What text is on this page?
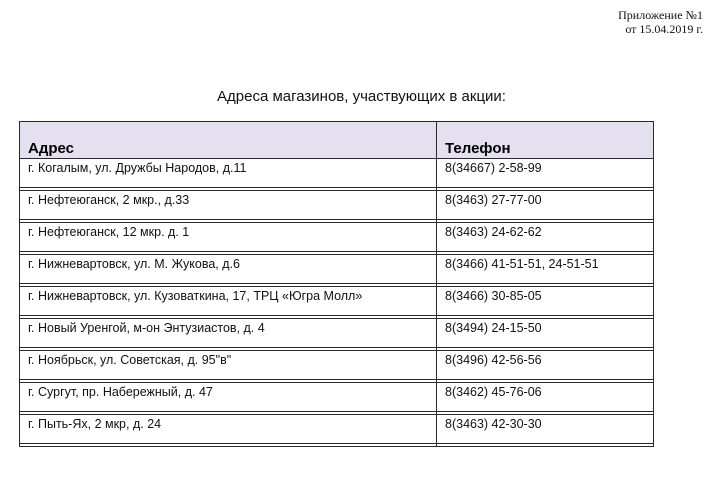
Приложение №1
от 15.04.2019 г.
Адреса магазинов, участвующих в акции:
Адрес	Телефон
г. Когалым, ул. Дружбы Народов, д.11	8(34667) 2-58-99
г. Нефтеюганск, 2 мкр., д.33	8(3463) 27-77-00
г. Нефтеюганск, 12 мкр. д. 1	8(3463) 24-62-62
г. Нижневартовск, ул. М. Жукова, д.6	8(3466) 41-51-51, 24-51-51
г. Нижневартовск, ул. Кузоваткина, 17, ТРЦ «Югра Молл»	8(3466) 30-85-05
г. Новый Уренгой, м-он Энтузиастов, д. 4	8(3494) 24-15-50
г. Ноябрьск, ул. Советская, д. 95"в"	8(3496) 42-56-56
г. Сургут, пр. Набережный, д. 47	8(3462) 45-76-06
г. Пыть-Ях, 2 мкр, д. 24	8(3463) 42-30-30
